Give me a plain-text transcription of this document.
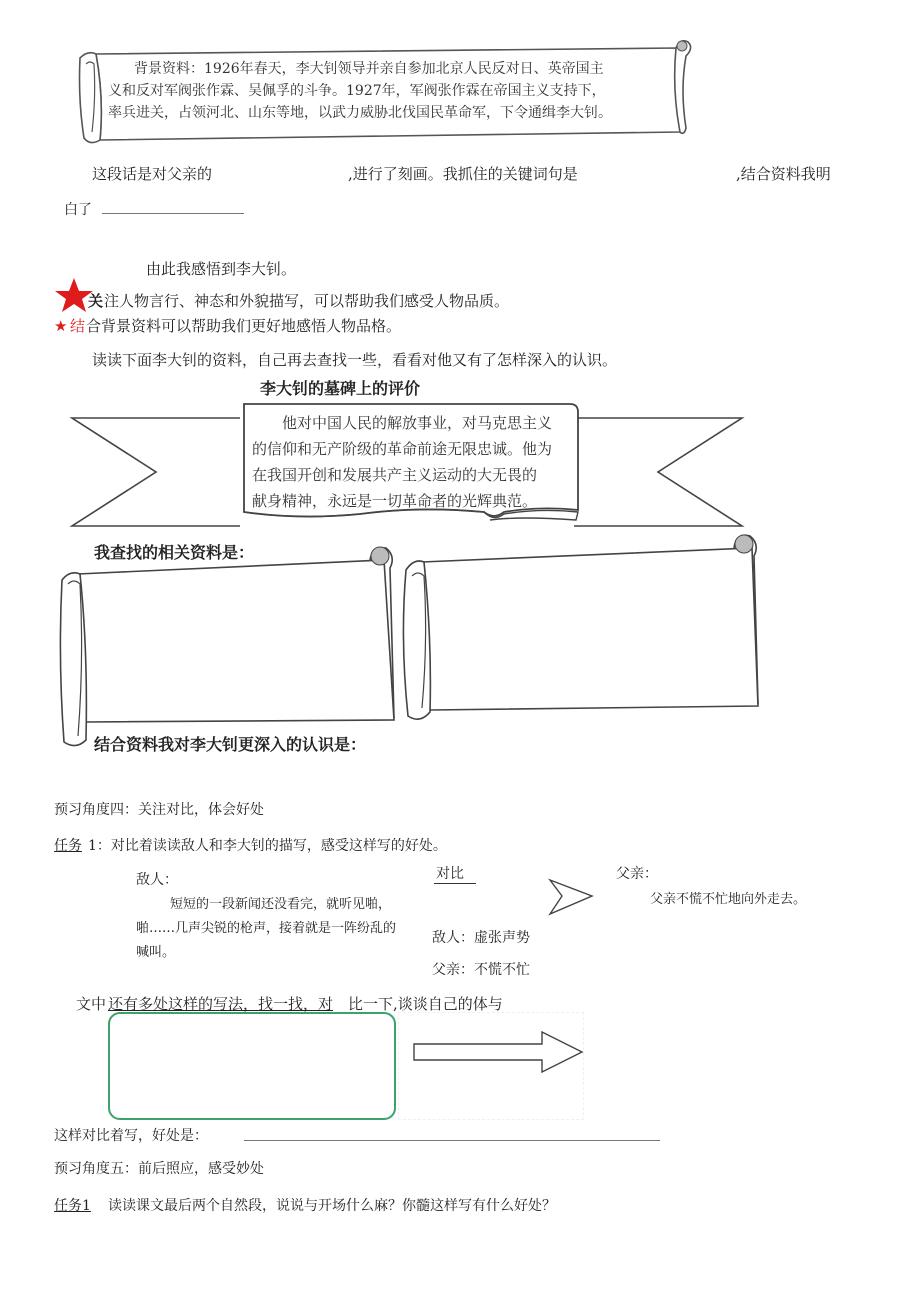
背景资料：1926年春天，李大钊领导并亲自参加北京人民反对日、英帝国主
义和反对军阀张作霖、吴佩孚的斗争。1927年，军阀张作霖在帝国主义支持下，
率兵进关，占领河北、山东等地，以武力威胁北伐国民革命军，下令通缉李大钊。
这段话是对父亲的	,进行了刻画。我抓住的关键词句是	,结合资料我明
白了
由此我感悟到李大钊。
关 注人物言行、神态和外貌描写，可以帮助我们感受人物品质。
★ 结 合背景资料可以帮助我们更好地感悟人物品格。
读读下面李大钊的资料，自己再去查找一些，看看对他又有了怎样深入的认识。
李大钊的墓碑上的评价
他对中国人民的解放事业，对马克思主义
的信仰和无产阶级的革命前途无限忠诚。他为
在我国开创和发展共产主义运动的大无畏的
献身精神，永远是一切革命者的光辉典范。
我查找的相关资料是：
结合资料我对李大钊更深入的认识是：
预习角度四：关注对比，体会好处
任务 1：对比着读读敌人和李大钊的描写，感受这样写的好处。
敌人：
短短的一段新闻还没看完，就听见啪，啪……几声尖锐的枪声，接着就是一阵纷乱的喊叫。
对比
敌人：虚张声势
父亲：不慌不忙
父亲：
父亲不慌不忙地向外走去。
文中 还有多处这样的写法，找一找，对 比一下,谈谈自己的体与
这样对比着写，好处是：
预习角度五：前后照应，感受妙处
任务1 读读课文最后两个自然段，说说与开场什么麻？你髓这样写有什么好处？
